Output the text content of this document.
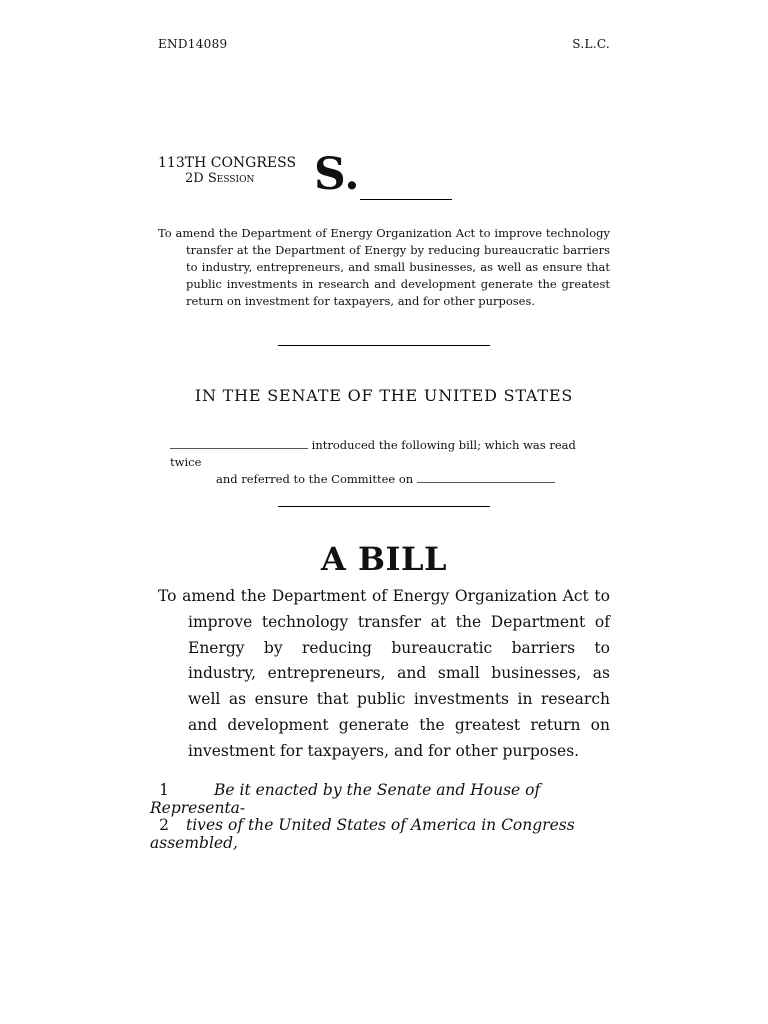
END14089	S.L.C.
113TH CONGRESS
2D Session S.
To amend the Department of Energy Organization Act to improve technology transfer at the Department of Energy by reducing bureaucratic barriers to industry, entrepreneurs, and small businesses, as well as ensure that public investments in research and development generate the greatest return on investment for taxpayers, and for other purposes.
IN THE SENATE OF THE UNITED STATES
introduced the following bill; which was read twice
and referred to the Committee on
A BILL
To amend the Department of Energy Organization Act to improve technology transfer at the Department of Energy by reducing bureaucratic barriers to industry, entrepreneurs, and small businesses, as well as ensure that public investments in research and development generate the greatest return on investment for taxpayers, and for other purposes.
1	Be it enacted by the Senate and House of Representa-
2 tives of the United States of America in Congress assembled,
